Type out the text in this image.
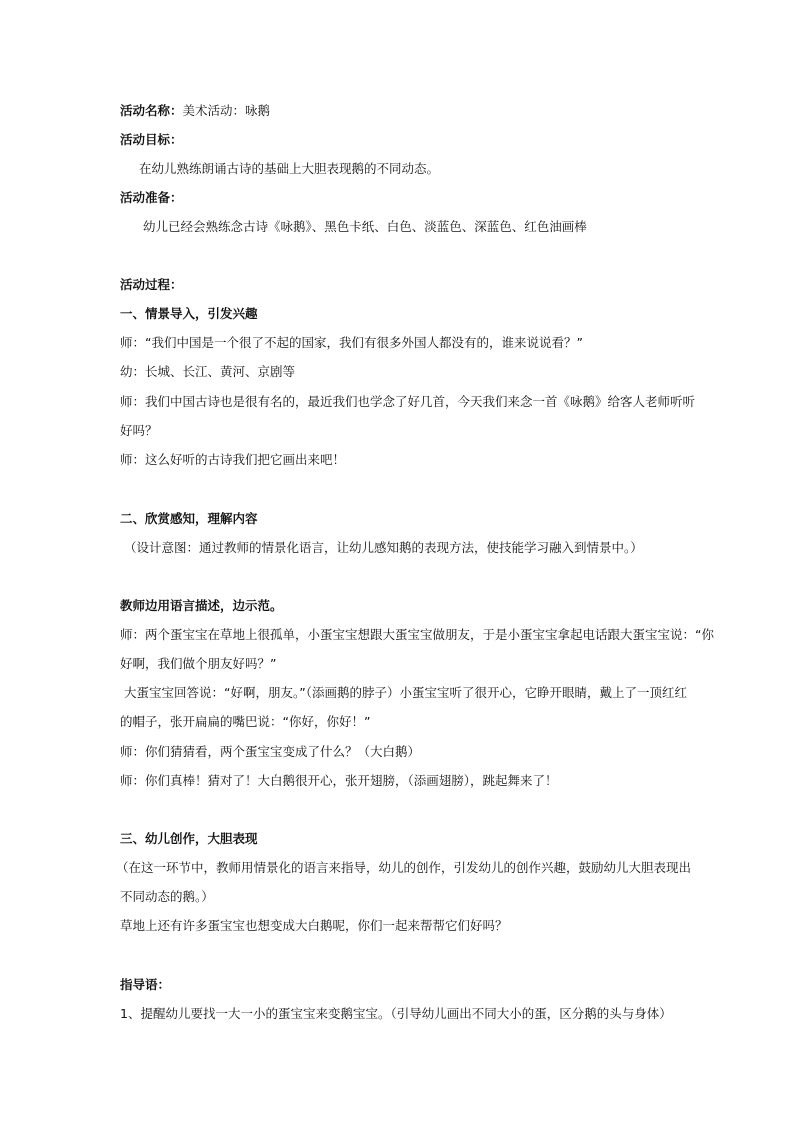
活动名称：美术活动：咏鹅
活动目标：
在幼儿熟练朗诵古诗的基础上大胆表现鹅的不同动态。
活动准备：
幼儿已经会熟练念古诗《咏鹅》、黑色卡纸、白色、淡蓝色、深蓝色、红色油画棒
活动过程：
一、情景导入，引发兴趣
师：“我们中国是一个很了不起的国家，我们有很多外国人都没有的，谁来说说看？”
幼：长城、长江、黄河、京剧等
师：我们中国古诗也是很有名的，最近我们也学念了好几首，今天我们来念一首《咏鹅》给客人老师听听
好吗？
师：这么好听的古诗我们把它画出来吧！
二、欣赏感知，理解内容
（设计意图：通过教师的情景化语言，让幼儿感知鹅的表现方法，使技能学习融入到情景中。）
教师边用语言描述，边示范。
师：两个蛋宝宝在草地上很孤单，小蛋宝宝想跟大蛋宝宝做朋友，于是小蛋宝宝拿起电话跟大蛋宝宝说：“你
好啊，我们做个朋友好吗？”
大蛋宝宝回答说：“好啊，朋友。”（添画鹅的脖子）小蛋宝宝听了很开心，它睁开眼睛，戴上了一顶红红
的帽子，张开扁扁的嘴巴说：“你好，你好！”
师：你们猜猜看，两个蛋宝宝变成了什么？（大白鹅）
师：你们真棒！猜对了！大白鹅很开心，张开翅膀，（添画翅膀），跳起舞来了！
三、幼儿创作，大胆表现
（在这一环节中，教师用情景化的语言来指导，幼儿的创作，引发幼儿的创作兴趣，鼓励幼儿大胆表现出
不同动态的鹅。）
草地上还有许多蛋宝宝也想变成大白鹅呢，你们一起来帮帮它们好吗？
指导语：
1、提醒幼儿要找一大一小的蛋宝宝来变鹅宝宝。（引导幼儿画出不同大小的蛋，区分鹅的头与身体）
